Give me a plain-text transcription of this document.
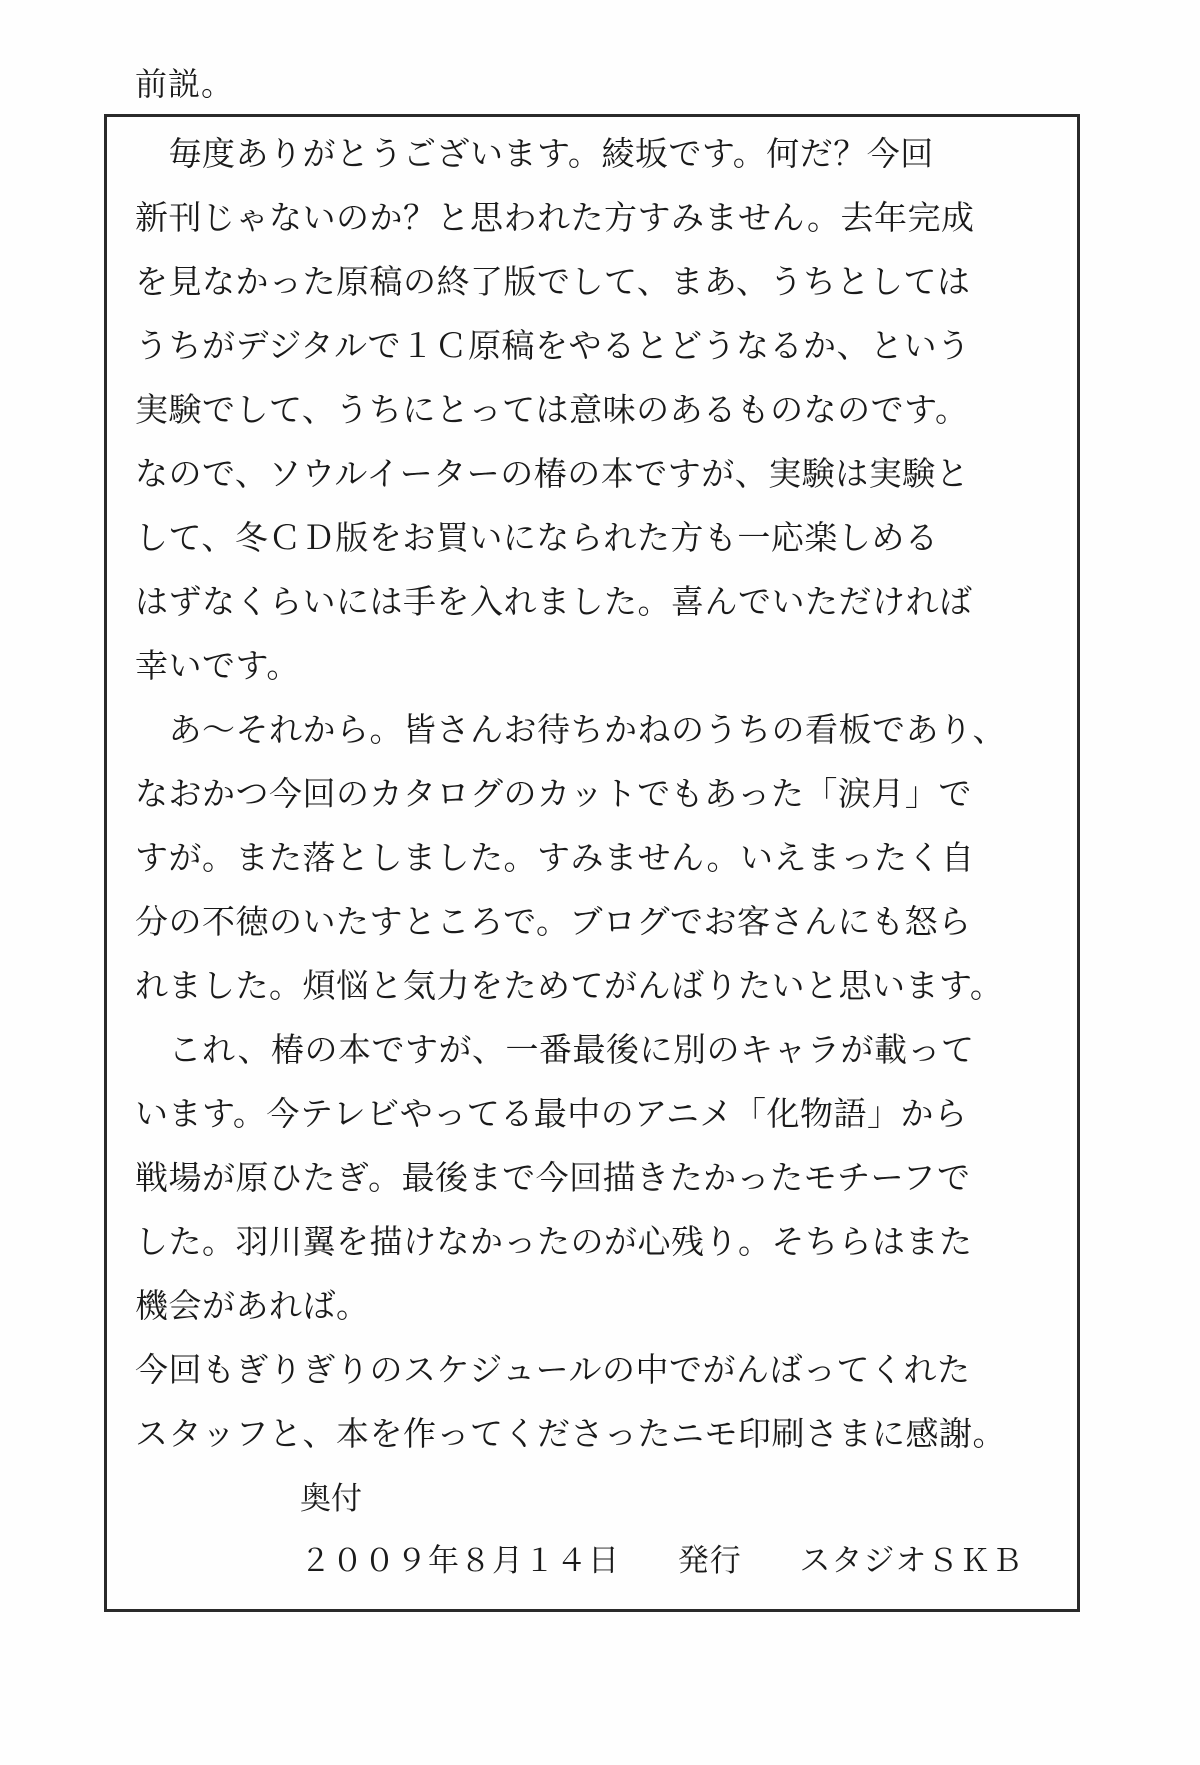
前説。
　毎度ありがとうございます。綾坂です。何だ？今回
新刊じゃないのか？と思われた方すみません。去年完成
を見なかった原稿の終了版でして、まあ、うちとしては
うちがデジタルで１Ｃ原稿をやるとどうなるか、という
実験でして、うちにとっては意味のあるものなのです。
なので、ソウルイーターの椿の本ですが、実験は実験と
して、冬ＣＤ版をお買いになられた方も一応楽しめる
はずなくらいには手を入れました。喜んでいただければ
幸いです。
　あ～それから。皆さんお待ちかねのうちの看板であり、
なおかつ今回のカタログのカットでもあった「涙月」で
すが。また落としました。すみません。いえまったく自
分の不徳のいたすところで。ブログでお客さんにも怒ら
れました。煩悩と気力をためてがんばりたいと思います。
　これ、椿の本ですが、一番最後に別のキャラが載って
います。今テレビやってる最中のアニメ「化物語」から
戦場が原ひたぎ。最後まで今回描きたかったモチーフで
した。羽川翼を描けなかったのが心残り。そちらはまた
機会があれば。
今回もぎりぎりのスケジュールの中でがんばってくれた
スタッフと、本を作ってくださったニモ印刷さまに感謝。
奥付
２００９年８月１４日 発行 スタジオＳＫＢ
